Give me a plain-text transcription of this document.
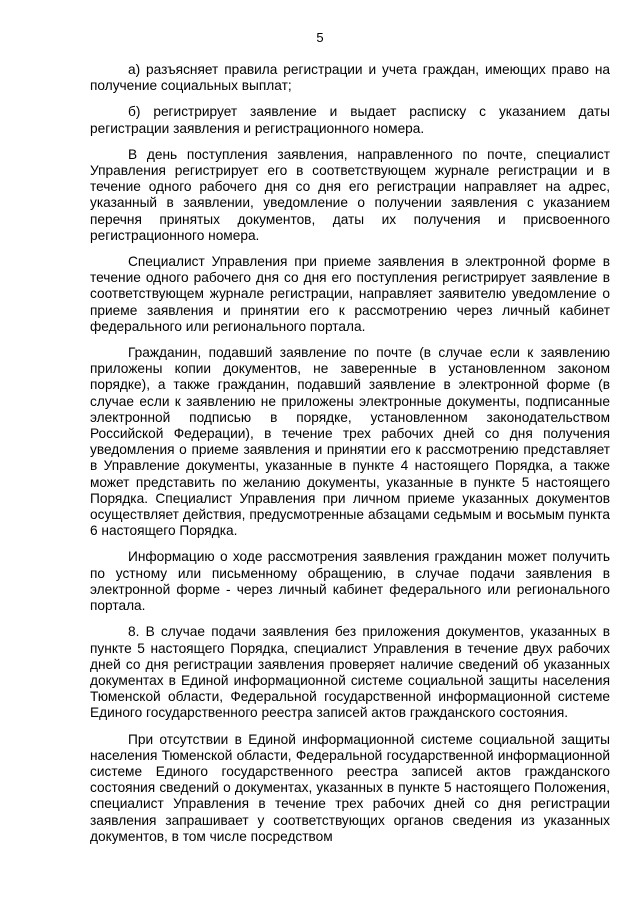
5

а) разъясняет правила регистрации и учета граждан, имеющих право на получение социальных выплат;

б) регистрирует заявление и выдает расписку с указанием даты регистрации заявления и регистрационного номера.

В день поступления заявления, направленного по почте, специалист Управления регистрирует его в соответствующем журнале регистрации и в течение одного рабочего дня со дня его регистрации направляет на адрес, указанный в заявлении, уведомление о получении заявления с указанием перечня принятых документов, даты их получения и присвоенного регистрационного номера.

Специалист Управления при приеме заявления в электронной форме в течение одного рабочего дня со дня его поступления регистрирует заявление в соответствующем журнале регистрации, направляет заявителю уведомление о приеме заявления и принятии его к рассмотрению через личный кабинет федерального или регионального портала.

Гражданин, подавший заявление по почте (в случае если к заявлению приложены копии документов, не заверенные в установленном законом порядке), а также гражданин, подавший заявление в электронной форме (в случае если к заявлению не приложены электронные документы, подписанные электронной подписью в порядке, установленном законодательством Российской Федерации), в течение трех рабочих дней со дня получения уведомления о приеме заявления и принятии его к рассмотрению представляет в Управление документы, указанные в пункте 4 настоящего Порядка, а также может представить по желанию документы, указанные в пункте 5 настоящего Порядка. Специалист Управления при личном приеме указанных документов осуществляет действия, предусмотренные абзацами седьмым и восьмым пункта 6 настоящего Порядка.

Информацию о ходе рассмотрения заявления гражданин может получить по устному или письменному обращению, в случае подачи заявления в электронной форме - через личный кабинет федерального или регионального портала.

8. В случае подачи заявления без приложения документов, указанных в пункте 5 настоящего Порядка, специалист Управления в течение двух рабочих дней со дня регистрации заявления проверяет наличие сведений об указанных документах в Единой информационной системе социальной защиты населения Тюменской области, Федеральной государственной информационной системе Единого государственного реестра записей актов гражданского состояния.

При отсутствии в Единой информационной системе социальной защиты населения Тюменской области, Федеральной государственной информационной системе Единого государственного реестра записей актов гражданского состояния сведений о документах, указанных в пункте 5 настоящего Положения, специалист Управления в течение трех рабочих дней со дня регистрации заявления запрашивает у соответствующих органов сведения из указанных документов, в том числе посредством
